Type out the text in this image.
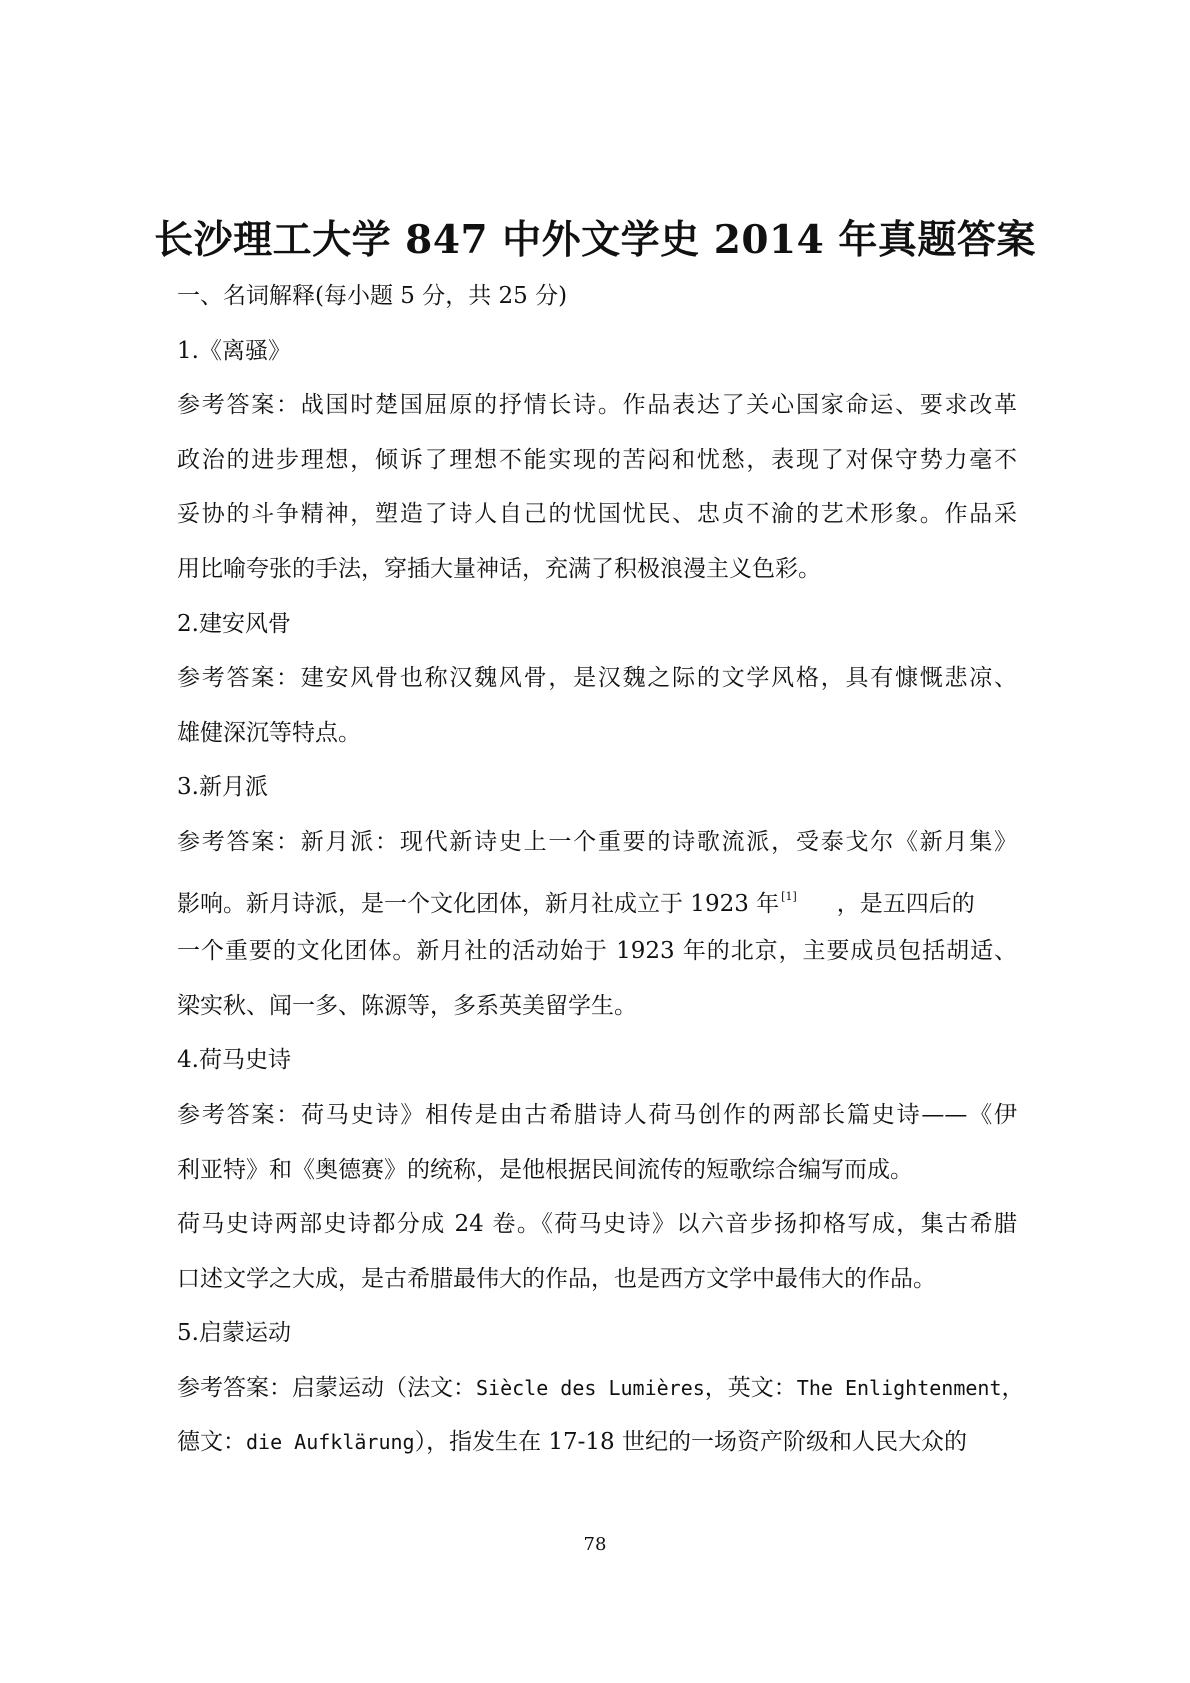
长沙理工大学 847 中外文学史 2014 年真题答案
一、名词解释(每小题 5 分，共 25 分)
1.《离骚》
参考答案：战国时楚国屈原的抒情长诗。作品表达了关心国家命运、要求改革
政治的进步理想，倾诉了理想不能实现的苦闷和忧愁，表现了对保守势力毫不
妥协的斗争精神，塑造了诗人自己的忧国忧民、忠贞不渝的艺术形象。作品采
用比喻夸张的手法，穿插大量神话，充满了积极浪漫主义色彩。
2.建安风骨
参考答案：建安风骨也称汉魏风骨，是汉魏之际的文学风格，具有慷慨悲凉、
雄健深沉等特点。
3.新月派
参考答案：新月派：现代新诗史上一个重要的诗歌流派，受泰戈尔《新月集》
影响。新月诗派，是一个文化团体，新月社成立于 1923 年 [1] ，是五四后的
一个重要的文化团体。新月社的活动始于 1923 年的北京，主要成员包括胡适、
梁实秋、闻一多、陈源等，多系英美留学生。
4.荷马史诗
参考答案：荷马史诗》相传是由古希腊诗人荷马创作的两部长篇史诗——《伊
利亚特》和《奥德赛》的统称，是他根据民间流传的短歌综合编写而成。
荷马史诗两部史诗都分成 24 卷。《荷马史诗》以六音步扬抑格写成，集古希腊
口述文学之大成，是古希腊最伟大的作品，也是西方文学中最伟大的作品。
5.启蒙运动
参考答案：启蒙运动（法文：Siècle des Lumières，英文：The Enlightenment，
德文：die Aufklärung），指发生在 17-18 世纪的一场资产阶级和人民大众的
78
